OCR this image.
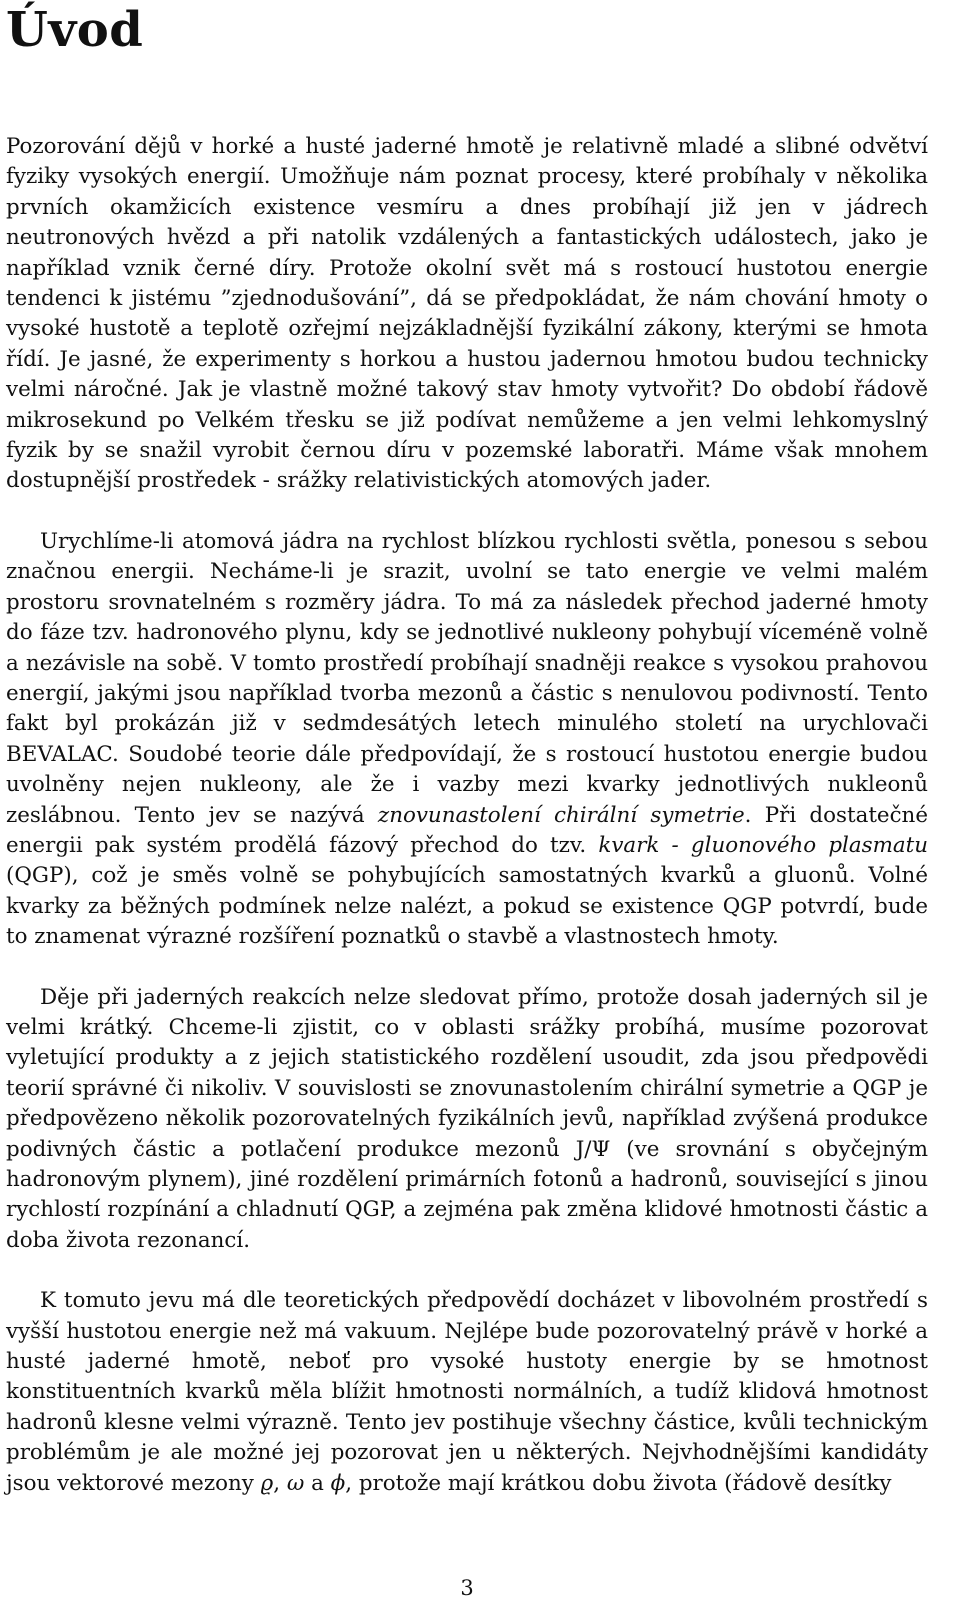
Úvod

Pozorování dějů v horké a husté jaderné hmotě je relativně mladé a slibné odvětví fyziky vysokých energií. Umožňuje nám poznat procesy, které probíhaly v několika prvních okamžicích existence vesmíru a dnes probíhají již jen v jádrech neutronových hvězd a při natolik vzdálených a fantastických událostech, jako je například vznik černé díry. Protože okolní svět má s rostoucí hustotou energie tendenci k jistému ”zjednodušování”, dá se předpokládat, že nám chování hmoty o vysoké hustotě a teplotě ozřejmí nejzákladnější fyzikální zákony, kterými se hmota řídí. Je jasné, že experimenty s horkou a hustou jadernou hmotou budou technicky velmi náročné. Jak je vlastně možné takový stav hmoty vytvořit? Do období řádově mikrosekund po Velkém třesku se již podívat nemůžeme a jen velmi lehkomyslný fyzik by se snažil vyrobit černou díru v pozemské laboratři. Máme však mnohem dostupnější prostředek - srážky relativistických atomových jader.

Urychlíme-li atomová jádra na rychlost blízkou rychlosti světla, ponesou s sebou značnou energii. Necháme-li je srazit, uvolní se tato energie ve velmi malém prostoru srovnatelném s rozměry jádra. To má za následek přechod jaderné hmoty do fáze tzv. hadronového plynu, kdy se jednotlivé nukleony pohybují víceméně volně a nezávisle na sobě. V tomto prostředí probíhají snadněji reakce s vysokou prahovou energií, jakými jsou například tvorba mezonů a částic s nenulovou podivností. Tento fakt byl prokázán již v sedmdesátých letech minulého století na urychlovači BEVALAC. Soudobé teorie dále předpovídají, že s rostoucí hustotou energie budou uvolněny nejen nukleony, ale že i vazby mezi kvarky jednotlivých nukleonů zeslábnou. Tento jev se nazývá znovunastolení chirální symetrie. Při dostatečné energii pak systém prodělá fázový přechod do tzv. kvark - gluonového plasmatu (QGP), což je směs volně se pohybujících samostatných kvarků a gluonů. Volné kvarky za běžných podmínek nelze nalézt, a pokud se existence QGP potvrdí, bude to znamenat výrazné rozšíření poznatků o stavbě a vlastnostech hmoty.

Děje při jaderných reakcích nelze sledovat přímo, protože dosah jaderných sil je velmi krátký. Chceme-li zjistit, co v oblasti srážky probíhá, musíme pozorovat vyletující produkty a z jejich statistického rozdělení usoudit, zda jsou předpovědi teorií správné či nikoliv. V souvislosti se znovunastolením chirální symetrie a QGP je předpovězeno několik pozorovatelných fyzikálních jevů, například zvýšená produkce podivných částic a potlačení produkce mezonů J/Ψ (ve srovnání s obyčejným hadronovým plynem), jiné rozdělení primárních fotonů a hadronů, související s jinou rychlostí rozpínání a chladnutí QGP, a zejména pak změna klidové hmotnosti částic a doba života rezonancí.

K tomuto jevu má dle teoretických předpovědí docházet v libovolném prostředí s vyšší hustotou energie než má vakuum. Nejlépe bude pozorovatelný právě v horké a husté jaderné hmotě, neboť pro vysoké hustoty energie by se hmotnost konstituentních kvarků měla blížit hmotnosti normálních, a tudíž klidová hmotnost hadronů klesne velmi výrazně. Tento jev postihuje všechny částice, kvůli technickým problémům je ale možné jej pozorovat jen u některých. Nejvhodnějšími kandidáty jsou vektorové mezony ϱ, ω a ϕ, protože mají krátkou dobu života (řádově desítky

3
